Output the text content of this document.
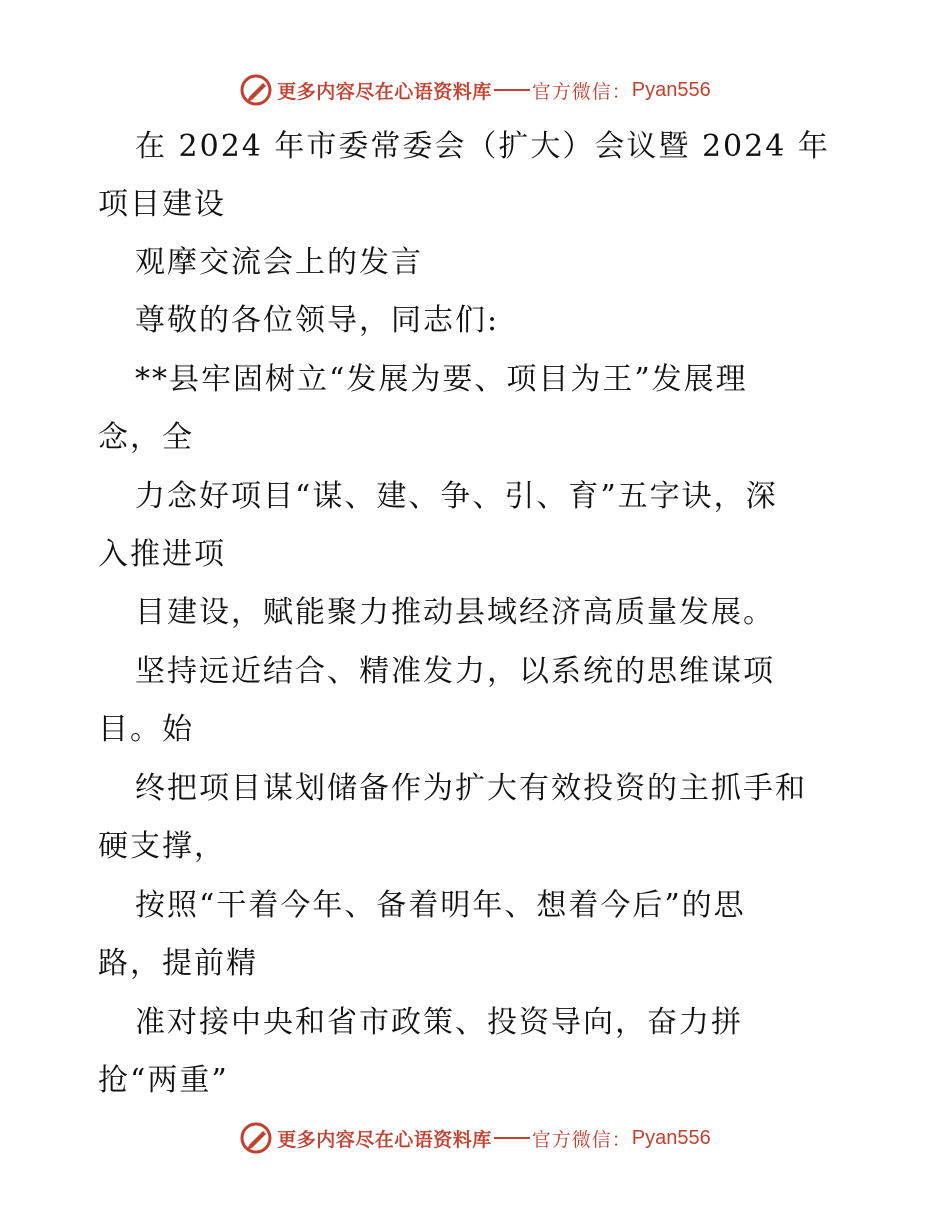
更多内容尽在心语资料库 官方微信： Pyan556
在 2024 年市委常委会（扩大）会议暨 2024 年
项目建设
观摩交流会上的发言
尊敬的各位领导，同志们:
**县牢固树立“发展为要、项目为王”发展理
念，全
力念好项目“谋、建、争、引、育”五字诀，深
入推进项
目建设，赋能聚力推动县域经济高质量发展。
坚持远近结合、精准发力，以系统的思维谋项
目。始
终把项目谋划储备作为扩大有效投资的主抓手和
硬支撑，
按照“干着今年、备着明年、想着今后”的思
路，提前精
准对接中央和省市政策、投资导向，奋力拼
抢“两重”
更多内容尽在心语资料库 官方微信： Pyan556
